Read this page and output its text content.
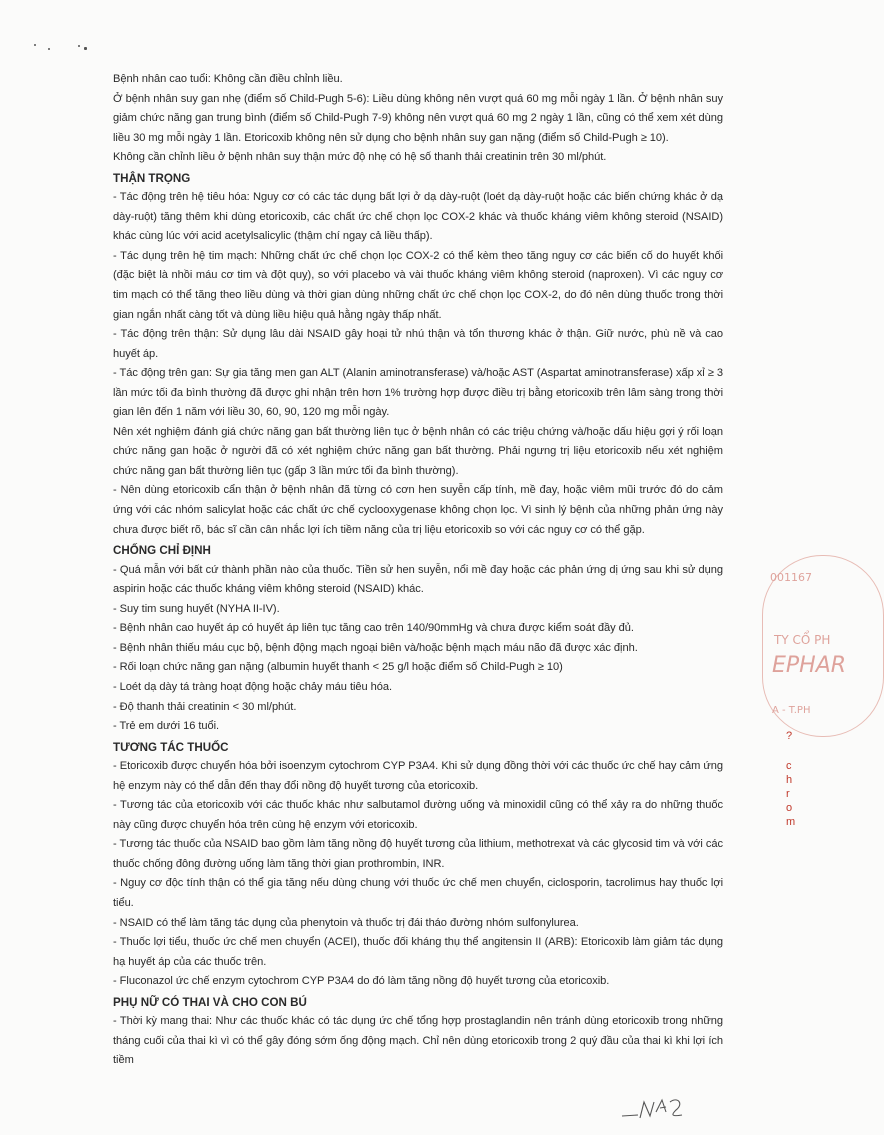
Bệnh nhân cao tuổi: Không cần điều chỉnh liều.

Ở bệnh nhân suy gan nhẹ (điểm số Child-Pugh 5-6): Liều dùng không nên vượt quá 60 mg mỗi ngày 1 lần. Ở bệnh nhân suy giảm chức năng gan trung bình (điểm số Child-Pugh 7-9) không nên vượt quá 60 mg 2 ngày 1 lần, cũng có thể xem xét dùng liều 30 mg mỗi ngày 1 lần. Etoricoxib không nên sử dụng cho bệnh nhân suy gan nặng (điểm số Child-Pugh ≥ 10).

Không cần chỉnh liều ở bệnh nhân suy thận mức độ nhẹ có hệ số thanh thải creatinin trên 30 ml/phút.

THẬN TRỌNG

- Tác động trên hệ tiêu hóa: Nguy cơ có các tác dụng bất lợi ở dạ dày-ruột (loét dạ dày-ruột hoặc các biến chứng khác ở dạ dày-ruột) tăng thêm khi dùng etoricoxib, các chất ức chế chọn lọc COX-2 khác và thuốc kháng viêm không steroid (NSAID) khác cùng lúc với acid acetylsalicylic (thậm chí ngay cả liều thấp).

- Tác dụng trên hệ tim mạch: Những chất ức chế chọn lọc COX-2 có thể kèm theo tăng nguy cơ các biến cố do huyết khối (đặc biệt là nhồi máu cơ tim và đột quỵ), so với placebo và vài thuốc kháng viêm không steroid (naproxen). Vì các nguy cơ tim mạch có thể tăng theo liều dùng và thời gian dùng những chất ức chế chọn lọc COX-2, do đó nên dùng thuốc trong thời gian ngắn nhất càng tốt và dùng liều hiệu quả hằng ngày thấp nhất.

- Tác động trên thận: Sử dụng lâu dài NSAID gây hoại tử nhú thận và tổn thương khác ở thận. Giữ nước, phù nề và cao huyết áp.

- Tác động trên gan: Sự gia tăng men gan ALT (Alanin aminotransferase) và/hoặc AST (Aspartat aminotransferase) xấp xỉ ≥ 3 lần mức tối đa bình thường đã được ghi nhận trên hơn 1% trường hợp được điều trị bằng etoricoxib trên lâm sàng trong thời gian lên đến 1 năm với liều 30, 60, 90, 120 mg mỗi ngày.

Nên xét nghiệm đánh giá chức năng gan bất thường liên tục ở bệnh nhân có các triệu chứng và/hoặc dấu hiệu gợi ý rối loạn chức năng gan hoặc ở người đã có xét nghiệm chức năng gan bất thường. Phải ngưng trị liệu etoricoxib nếu xét nghiệm chức năng gan bất thường liên tục (gấp 3 lần mức tối đa bình thường).

- Nên dùng etoricoxib cẩn thận ở bệnh nhân đã từng có cơn hen suyễn cấp tính, mề đay, hoặc viêm mũi trước đó do cảm ứng với các nhóm salicylat hoặc các chất ức chế cyclooxygenase không chọn lọc. Vì sinh lý bệnh của những phản ứng này chưa được biết rõ, bác sĩ cần cân nhắc lợi ích tiềm năng của trị liệu etoricoxib so với các nguy cơ có thể gặp.

CHỐNG CHỈ ĐỊNH

- Quá mẫn với bất cứ thành phần nào của thuốc. Tiền sử hen suyễn, nổi mề đay hoặc các phản ứng dị ứng sau khi sử dụng aspirin hoặc các thuốc kháng viêm không steroid (NSAID) khác.

- Suy tim sung huyết (NYHA II-IV).

- Bệnh nhân cao huyết áp có huyết áp liên tục tăng cao trên 140/90mmHg và chưa được kiểm soát đầy đủ.

- Bệnh nhân thiếu máu cục bộ, bệnh động mạch ngoại biên và/hoặc bệnh mạch máu não đã được xác định.

- Rối loạn chức năng gan nặng (albumin huyết thanh < 25 g/l hoặc điểm số Child-Pugh ≥ 10)

- Loét dạ dày tá tràng hoạt động hoặc chảy máu tiêu hóa.

- Độ thanh thải creatinin < 30 ml/phút.

- Trẻ em dưới 16 tuổi.

TƯƠNG TÁC THUỐC

- Etoricoxib được chuyển hóa bởi isoenzym cytochrom CYP P3A4. Khi sử dụng đồng thời với các thuốc ức chế hay cảm ứng hệ enzym này có thể dẫn đến thay đổi nồng độ huyết tương của etoricoxib.

- Tương tác của etoricoxib với các thuốc khác như salbutamol đường uống và minoxidil cũng có thể xảy ra do những thuốc này cũng được chuyển hóa trên cùng hệ enzym với etoricoxib.

- Tương tác thuốc của NSAID bao gồm làm tăng nồng độ huyết tương của lithium, methotrexat và các glycosid tim và với các thuốc chống đông đường uống làm tăng thời gian prothrombin, INR.

- Nguy cơ độc tính thận có thể gia tăng nếu dùng chung với thuốc ức chế men chuyển, ciclosporin, tacrolimus hay thuốc lợi tiểu.

- NSAID có thể làm tăng tác dụng của phenytoin và thuốc trị đái tháo đường nhóm sulfonylurea.

- Thuốc lợi tiểu, thuốc ức chế men chuyển (ACEI), thuốc đối kháng thụ thể angitensin II (ARB): Etoricoxib làm giảm tác dụng hạ huyết áp của các thuốc trên.

- Fluconazol ức chế enzym cytochrom CYP P3A4 do đó làm tăng nồng độ huyết tương của etoricoxib.

PHỤ NỮ CÓ THAI VÀ CHO CON BÚ

- Thời kỳ mang thai: Như các thuốc khác có tác dụng ức chế tổng hợp prostaglandin nên tránh dùng etoricoxib trong những tháng cuối của thai kì vì có thể gây đóng sớm ống động mạch. Chỉ nên dùng etoricoxib trong 2 quý đầu của thai kì khi lợi ích tiềm

001167
TY CỔ PH
EPHAR
A - T.PH
?
c
h
r
o
m
